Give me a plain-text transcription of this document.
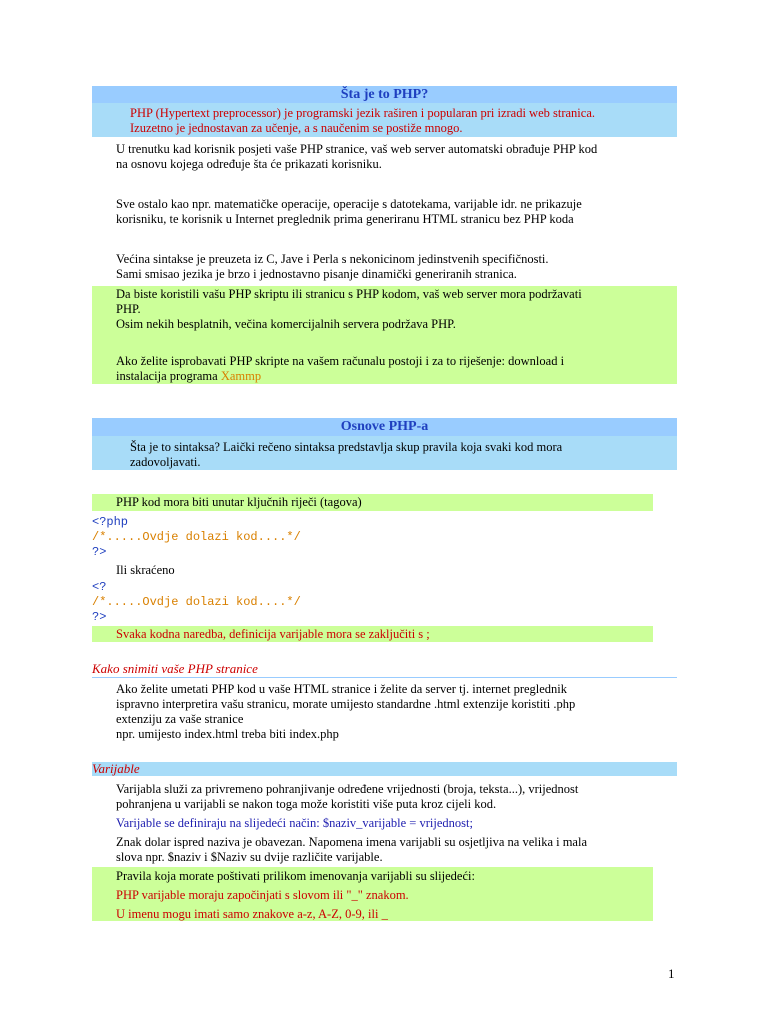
Šta je to PHP?

PHP (Hypertext preprocessor) je programski jezik raširen i popularan pri izradi web stranica.

Izuzetno je jednostavan za učenje, a s naučenim se postiže mnogo.

U trenutku kad korisnik posjeti vaše PHP stranice, vaš web server automatski obrađuje PHP kod

na osnovu kojega određuje šta će prikazati korisniku.

Sve ostalo kao npr. matematičke operacije, operacije s datotekama, varijable idr. ne prikazuje

korisniku, te korisnik u Internet preglednik prima generiranu HTML stranicu bez PHP koda

Većina sintakse je preuzeta iz C, Jave i Perla s nekonicinom jedinstvenih specifičnosti.

Sami smisao jezika je brzo i jednostavno pisanje dinamički generiranih stranica.

Da biste koristili vašu PHP skriptu ili stranicu s PHP kodom, vaš web server mora podržavati

PHP.

Osim nekih besplatnih, večina komercijalnih servera podržava PHP.

Ako želite isprobavati PHP skripte na vašem računalu postoji i za to riješenje: download i

instalacija programa Xammp

Osnove PHP-a

Šta je to sintaksa? Laički rečeno sintaksa predstavlja skup pravila koja svaki kod mora

zadovoljavati.

PHP kod mora biti unutar ključnih riječi (tagova)

<?php
/*.....Ovdje dolazi kod....*/
?>

Ili skraćeno

<?
/*.....Ovdje dolazi kod....*/
?>

Svaka kodna naredba, definicija varijable mora se zaključiti s ;

Kako snimiti vaše PHP stranice

Ako želite umetati PHP kod u vaše HTML stranice i želite da server tj. internet preglednik

ispravno interpretira vašu stranicu, morate umijesto standardne .html extenzije koristiti .php

extenziju za vaše stranice

npr. umijesto index.html treba biti index.php

Varijable

Varijabla služi za privremeno pohranjivanje određene vrijednosti (broja, teksta...), vrijednost

pohranjena u varijabli se nakon toga može koristiti više puta kroz cijeli kod.

Varijable se definiraju na slijedeći način: $naziv_varijable = vrijednost;

Znak dolar ispred naziva je obavezan. Napomena imena varijabli su osjetljiva na velika i mala

slova npr. $naziv i $Naziv su dvije različite varijable.

Pravila koja morate poštivati prilikom imenovanja varijabli su slijedeći:

PHP varijable moraju započinjati s slovom ili "_" znakom.

U imenu mogu imati samo znakove a-z, A-Z, 0-9, ili _

1
